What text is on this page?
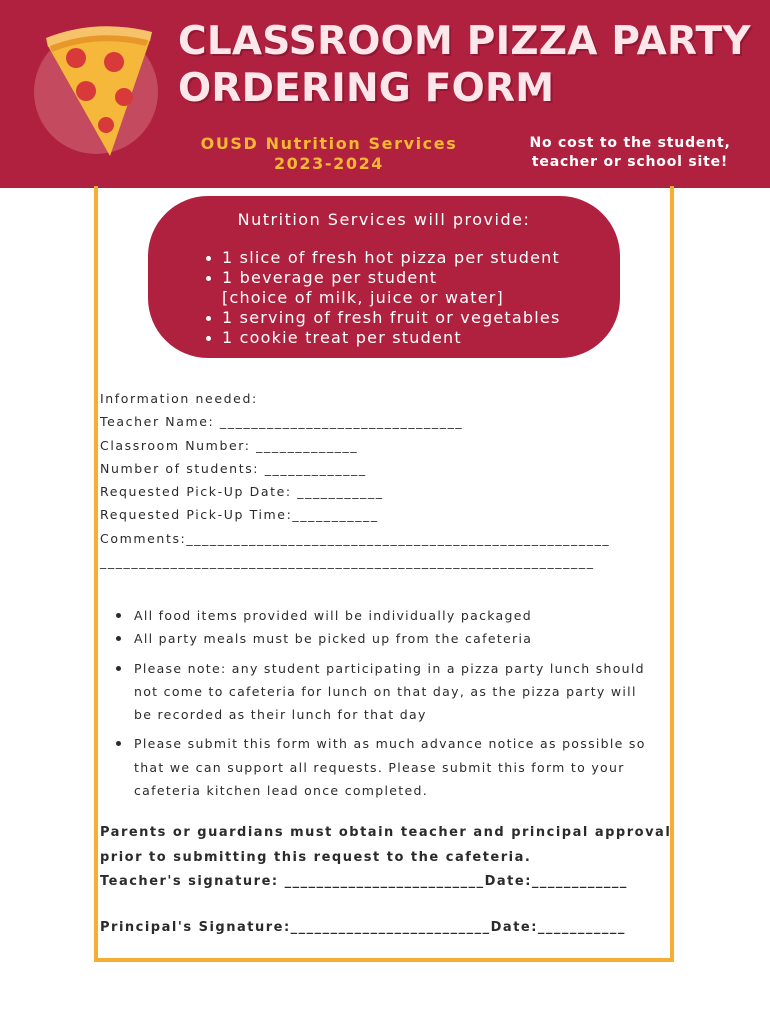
CLASSROOM PIZZA PARTY
ORDERING FORM
OUSD Nutrition Services
2023-2024
No cost to the student,
teacher or school site!
Nutrition Services will provide:
1 slice of fresh hot pizza per student
1 beverage per student
[choice of milk, juice or water]
1 serving of fresh fruit or vegetables
1 cookie treat per student
Information needed:
Teacher Name: _______________________________
Classroom Number: _____________
Number of students: _____________
Requested Pick-Up Date: ___________
Requested Pick-Up Time:___________
Comments:______________________________________________________
_______________________________________________________________
All food items provided will be individually packaged
All party meals must be picked up from the cafeteria
Please note: any student participating in a pizza party lunch should not come to cafeteria for lunch on that day, as the pizza party will be recorded as their lunch for that day
Please submit this form with as much advance notice as possible so that we can support all requests. Please submit this form to your cafeteria kitchen lead once completed.
Parents or guardians must obtain teacher and principal approval
prior to submitting this request to the cafeteria.
Teacher's signature: _________________________Date:____________
Principal's Signature:_________________________Date:___________
